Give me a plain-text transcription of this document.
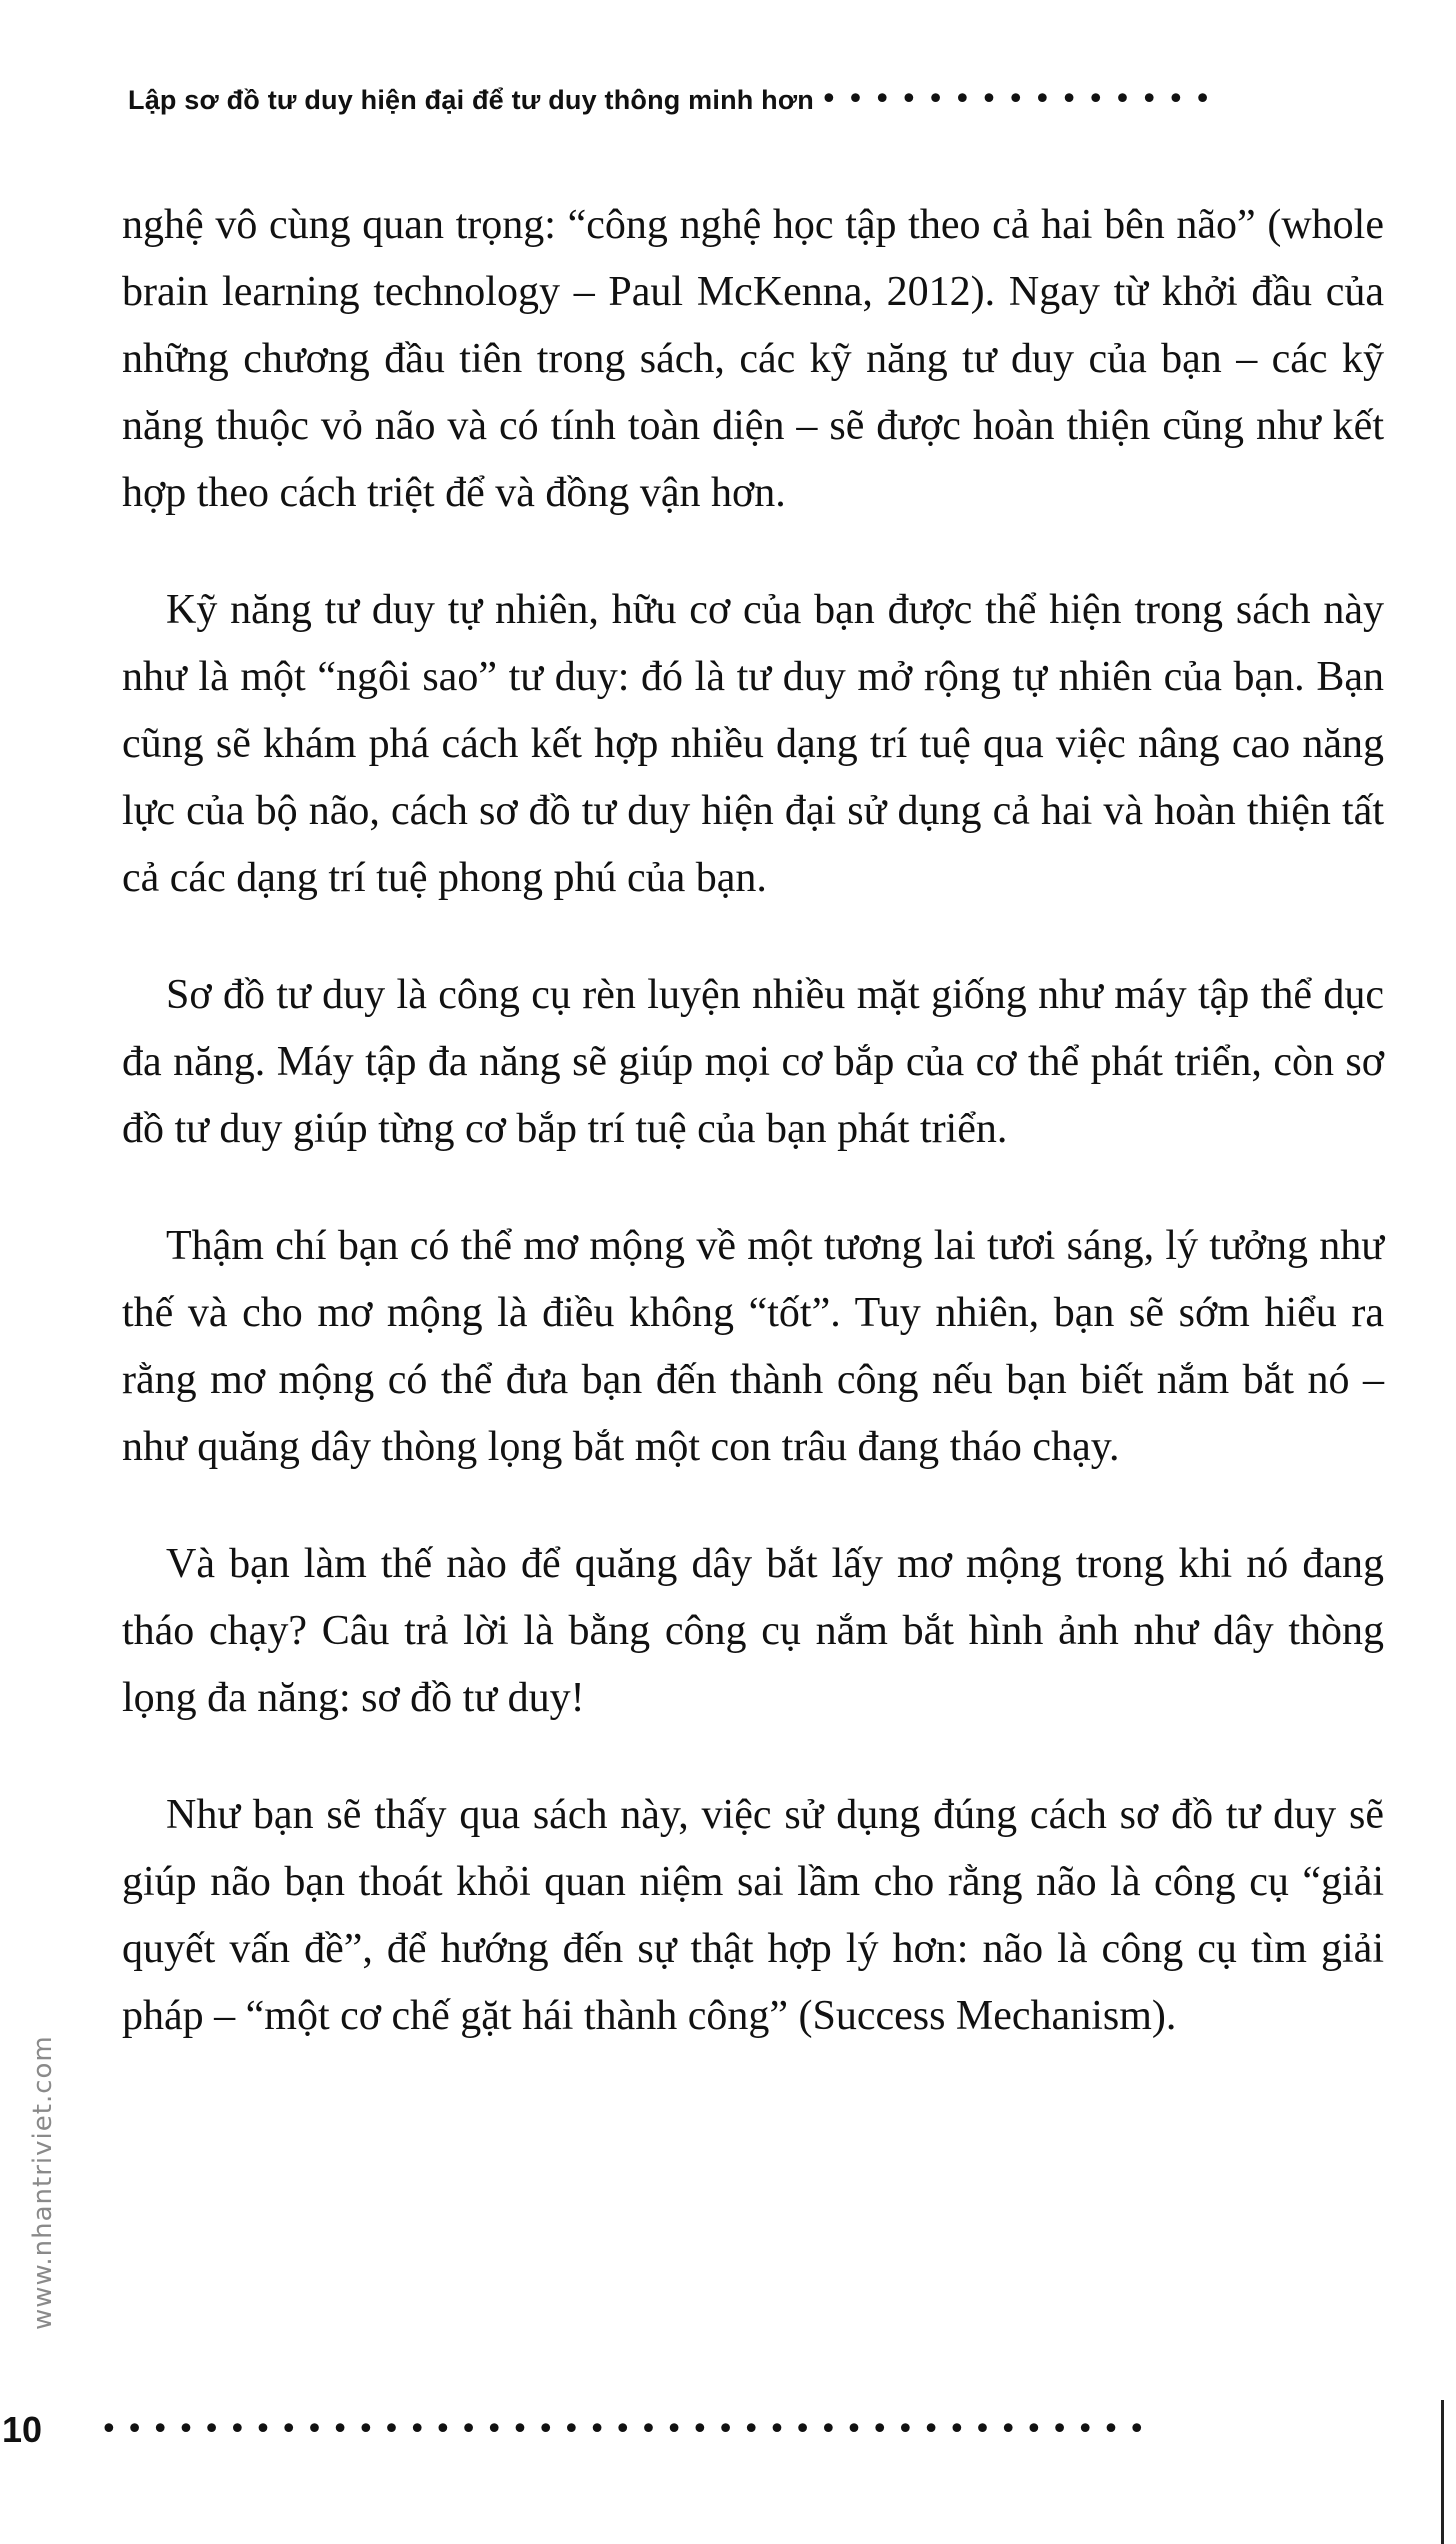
Lập sơ đồ tư duy hiện đại để tư duy thông minh hơn •••••••••••••••

nghệ vô cùng quan trọng: “công nghệ học tập theo cả hai bên não” (whole brain learning technology – Paul McKenna, 2012). Ngay từ khởi đầu của những chương đầu tiên trong sách, các kỹ năng tư duy của bạn – các kỹ năng thuộc vỏ não và có tính toàn diện – sẽ được hoàn thiện cũng như kết hợp theo cách triệt để và đồng vận hơn.

Kỹ năng tư duy tự nhiên, hữu cơ của bạn được thể hiện trong sách này như là một “ngôi sao” tư duy: đó là tư duy mở rộng tự nhiên của bạn. Bạn cũng sẽ khám phá cách kết hợp nhiều dạng trí tuệ qua việc nâng cao năng lực của bộ não, cách sơ đồ tư duy hiện đại sử dụng cả hai và hoàn thiện tất cả các dạng trí tuệ phong phú của bạn.

Sơ đồ tư duy là công cụ rèn luyện nhiều mặt giống như máy tập thể dục đa năng. Máy tập đa năng sẽ giúp mọi cơ bắp của cơ thể phát triển, còn sơ đồ tư duy giúp từng cơ bắp trí tuệ của bạn phát triển.

Thậm chí bạn có thể mơ mộng về một tương lai tươi sáng, lý tưởng như thế và cho mơ mộng là điều không “tốt”. Tuy nhiên, bạn sẽ sớm hiểu ra rằng mơ mộng có thể đưa bạn đến thành công nếu bạn biết nắm bắt nó – như quăng dây thòng lọng bắt một con trâu đang tháo chạy.

Và bạn làm thế nào để quăng dây bắt lấy mơ mộng trong khi nó đang tháo chạy? Câu trả lời là bằng công cụ nắm bắt hình ảnh như dây thòng lọng đa năng: sơ đồ tư duy!

Như bạn sẽ thấy qua sách này, việc sử dụng đúng cách sơ đồ tư duy sẽ giúp não bạn thoát khỏi quan niệm sai lầm cho rằng não là công cụ “giải quyết vấn đề”, để hướng đến sự thật hợp lý hơn: não là công cụ tìm giải pháp – “một cơ chế gặt hái thành công” (Success Mechanism).

www.nhantriviet.com
10	•••••••••••••••••••••••••••••••••••••••••
